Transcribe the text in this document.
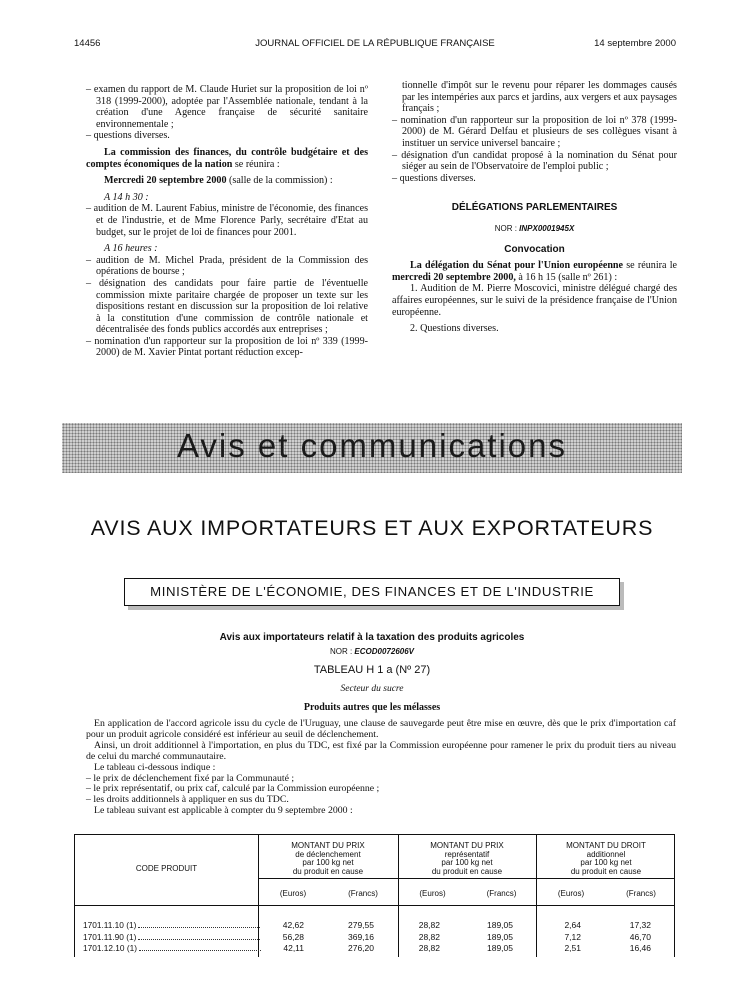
14456	JOURNAL OFFICIEL DE LA RÉPUBLIQUE FRANÇAISE	14 septembre 2000

– examen du rapport de M. Claude Huriet sur la proposition de loi nº 318 (1999-2000), adoptée par l'Assemblée nationale, tendant à la création d'une Agence française de sécurité sanitaire environnementale ;

– questions diverses.

La commission des finances, du contrôle budgétaire et des comptes économiques de la nation se réunira :

Mercredi 20 septembre 2000 (salle de la commission) :

A 14 h 30 :

– audition de M. Laurent Fabius, ministre de l'économie, des finances et de l'industrie, et de Mme Florence Parly, secrétaire d'Etat au budget, sur le projet de loi de finances pour 2001.

A 16 heures :

– audition de M. Michel Prada, président de la Commission des opérations de bourse ;

– désignation des candidats pour faire partie de l'éventuelle commission mixte paritaire chargée de proposer un texte sur les dispositions restant en discussion sur la proposition de loi relative à la constitution d'une commission de contrôle nationale et décentralisée des fonds publics accordés aux entreprises ;

– nomination d'un rapporteur sur la proposition de loi nº 339 (1999-2000) de M. Xavier Pintat portant réduction excep-

tionnelle d'impôt sur le revenu pour réparer les dommages causés par les intempéries aux parcs et jardins, aux vergers et aux paysages français ;

– nomination d'un rapporteur sur la proposition de loi nº 378 (1999-2000) de M. Gérard Delfau et plusieurs de ses collègues visant à instituer un service universel bancaire ;

– désignation d'un candidat proposé à la nomination du Sénat pour siéger au sein de l'Observatoire de l'emploi public ;

– questions diverses.

DÉLÉGATIONS PARLEMENTAIRES
NOR : INPX0001945X
Convocation

La délégation du Sénat pour l'Union européenne se réunira le mercredi 20 septembre 2000, à 16 h 15 (salle nº 261) :

1. Audition de M. Pierre Moscovici, ministre délégué chargé des affaires européennes, sur le suivi de la présidence française de l'Union européenne.

2. Questions diverses.

Avis et communications
AVIS AUX IMPORTATEURS ET AUX EXPORTATEURS
MINISTÈRE DE L'ÉCONOMIE, DES FINANCES ET DE L'INDUSTRIE
Avis aux importateurs relatif à la taxation des produits agricoles
NOR : ECOD0072606V
TABLEAU H 1 a (Nº 27)
Secteur du sucre
Produits autres que les mélasses

En application de l'accord agricole issu du cycle de l'Uruguay, une clause de sauvegarde peut être mise en œuvre, dès que le prix d'importation caf pour un produit agricole considéré est inférieur au seuil de déclenchement.

Ainsi, un droit additionnel à l'importation, en plus du TDC, est fixé par la Commission européenne pour ramener le prix du produit tiers au niveau de celui du marché communautaire.

Le tableau ci-dessous indique :

– le prix de déclenchement fixé par la Communauté ;

– le prix représentatif, ou prix caf, calculé par la Commission européenne ;

– les droits additionnels à appliquer en sus du TDC.

Le tableau suivant est applicable à compter du 9 septembre 2000 :

CODE PRODUIT
MONTANT DU PRIX
de déclenchement
par 100 kg net
du produit en cause
MONTANT DU PRIX
représentatif
par 100 kg net
du produit en cause
MONTANT DU DROIT
additionnel
par 100 kg net
du produit en cause
(Euros)	(Francs)	(Euros)	(Francs)	(Euros)	(Francs)
1701.11.10 (1)	42,62	279,55	28,82	189,05	2,64	17,32
1701.11.90 (1)	56,28	369,16	28,82	189,05	7,12	46,70
1701.12.10 (1)	42,11	276,20	28,82	189,05	2,51	16,46
